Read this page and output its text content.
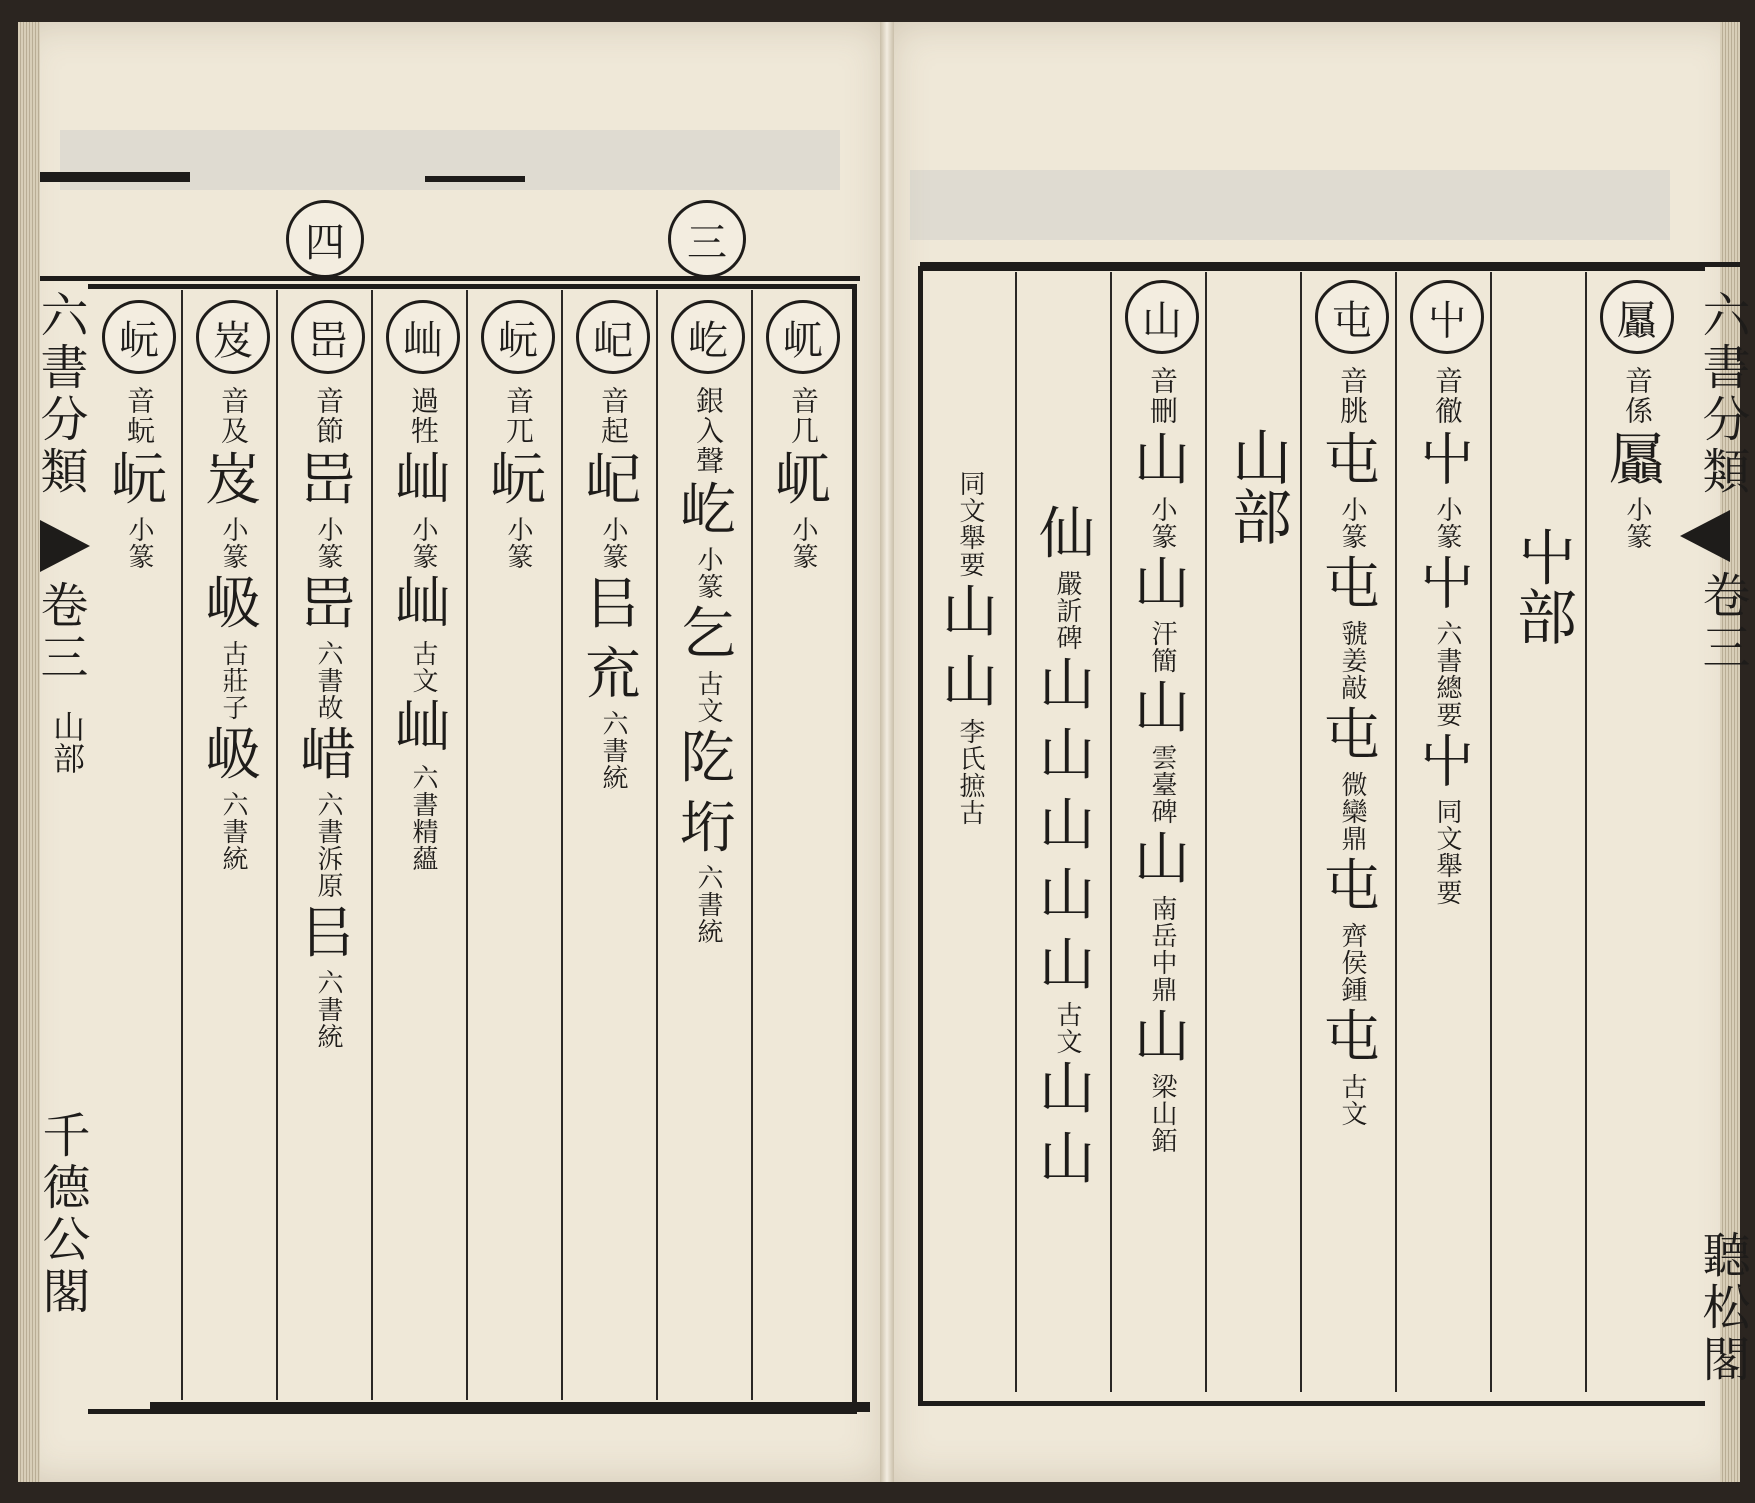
四	三
六書分類
卷三
山部
千德公閣
屼
音几
屼
小篆
屹
銀入聲
屹
小篆
乞
古文
阣
垳
六書統
屺
音起
屺
小篆
㠯
㐬
六書統
岏
音兀
岏
小篆
屾
過牲
屾
小篆
屾
古文
屾
六書
精蘊
岊
音節
岊
小篆
岊
六書故
㟙
六書
泝原
㠯
六書統
岌
音及
岌
小篆
岋
古莊子
岋
六書統
岏
音蚖
岏
小篆
六書分類
卷三
聽松閣
屭
音係
屭
小篆
屮部
屮
音徹
屮
小篆
屮
六書
總要
屮
同文
舉要
屯
音朓
屯
小篆
屯
虢姜
敲
屯
微欒
鼎
屯
齊侯
鍾
屯
古文
山部
山
音刪
山
小篆
山
汗簡
山
雲臺
碑
山
南岳
中鼎
山
梁山
銆
仙
嚴訢
碑
山
山
山
山
山
古文
山
山
同文
舉要
山
山
李氏
摭古
